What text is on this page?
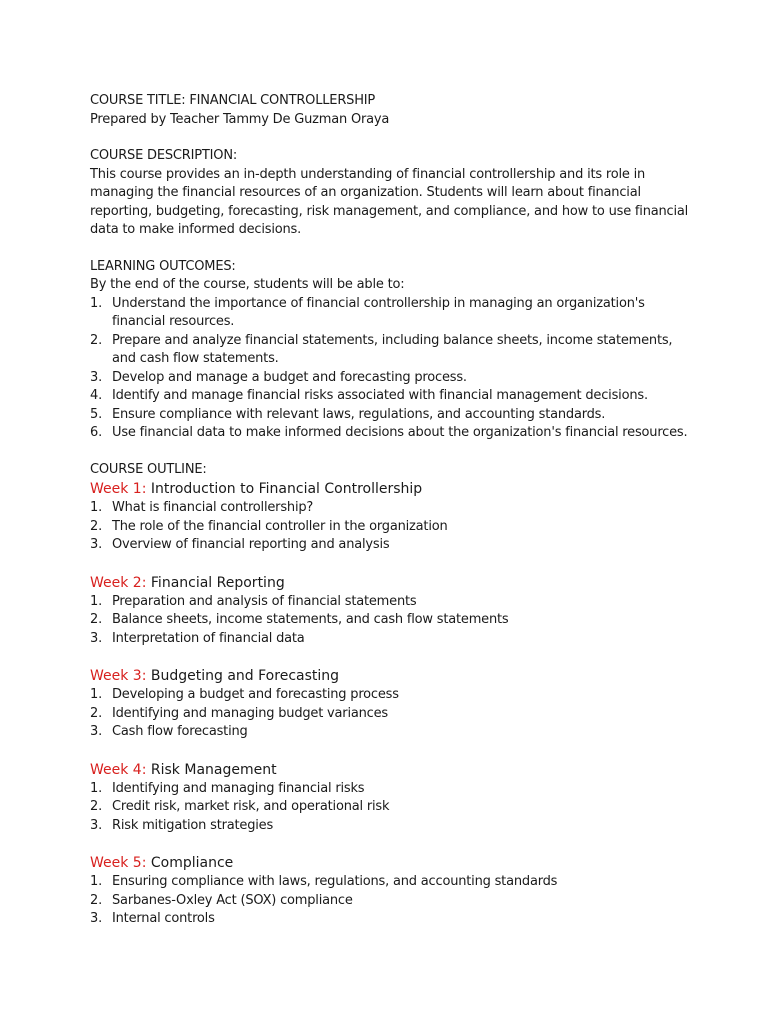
COURSE TITLE: FINANCIAL CONTROLLERSHIP

Prepared by Teacher Tammy De Guzman Oraya

COURSE DESCRIPTION:

This course provides an in-depth understanding of financial controllership and its role in managing the financial resources of an organization. Students will learn about financial reporting, budgeting, forecasting, risk management, and compliance, and how to use financial data to make informed decisions.

LEARNING OUTCOMES:

By the end of the course, students will be able to:

1. Understand the importance of financial controllership in managing an organization's financial resources.
2. Prepare and analyze financial statements, including balance sheets, income statements, and cash flow statements.
3. Develop and manage a budget and forecasting process.
4. Identify and manage financial risks associated with financial management decisions.
5. Ensure compliance with relevant laws, regulations, and accounting standards.
6. Use financial data to make informed decisions about the organization's financial resources.

COURSE OUTLINE:

Week 1: Introduction to Financial Controllership
1. What is financial controllership?
2. The role of the financial controller in the organization
3. Overview of financial reporting and analysis
Week 2: Financial Reporting
1. Preparation and analysis of financial statements
2. Balance sheets, income statements, and cash flow statements
3. Interpretation of financial data
Week 3: Budgeting and Forecasting
1. Developing a budget and forecasting process
2. Identifying and managing budget variances
3. Cash flow forecasting
Week 4: Risk Management
1. Identifying and managing financial risks
2. Credit risk, market risk, and operational risk
3. Risk mitigation strategies
Week 5: Compliance
1. Ensuring compliance with laws, regulations, and accounting standards
2. Sarbanes-Oxley Act (SOX) compliance
3. Internal controls
